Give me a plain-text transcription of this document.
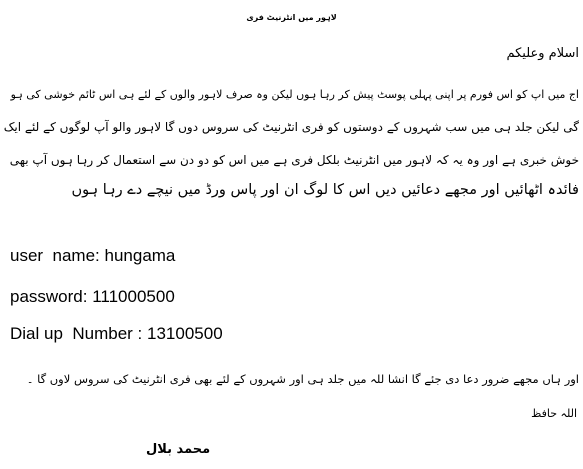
لاہور میں انٹرنیٹ فری
اسلام وعلیکم
اج میں اپ کو اس فورم پر اپنی پہلی پوسٹ پیش کر رہا ہوں لیکن وہ صرف لاہور والوں کے لئے ہی اس ٹائم خوشی کی ہو
گی لیکن جلد ہی میں سب شہروں کے دوستوں کو فری انٹرنیٹ کی سروس دوں گا لاہور والو آپ لوگوں کے لئے ایک
خوش خبری ہے اور وہ یہ کہ لاہور میں انٹرنیٹ بلکل فری ہے میں اس کو دو دن سے استعمال کر رہا ہوں آپ بھی
فائدہ اٹھائیں اور مجھے دعائیں دیں اس کا لوگ ان اور پاس ورڈ میں نیچے دے رہا ہوں
user  name: hungama
password: 111000500
Dial up  Number : 13100500
اور ہاں مجھے ضرور دعا دی جئے گا انشا للہ میں جلد ہی اور شہروں کے لئے بھی فری انٹرنیٹ کی سروس لاوں گا ۔
اللہ حافظ
محمد بلال
